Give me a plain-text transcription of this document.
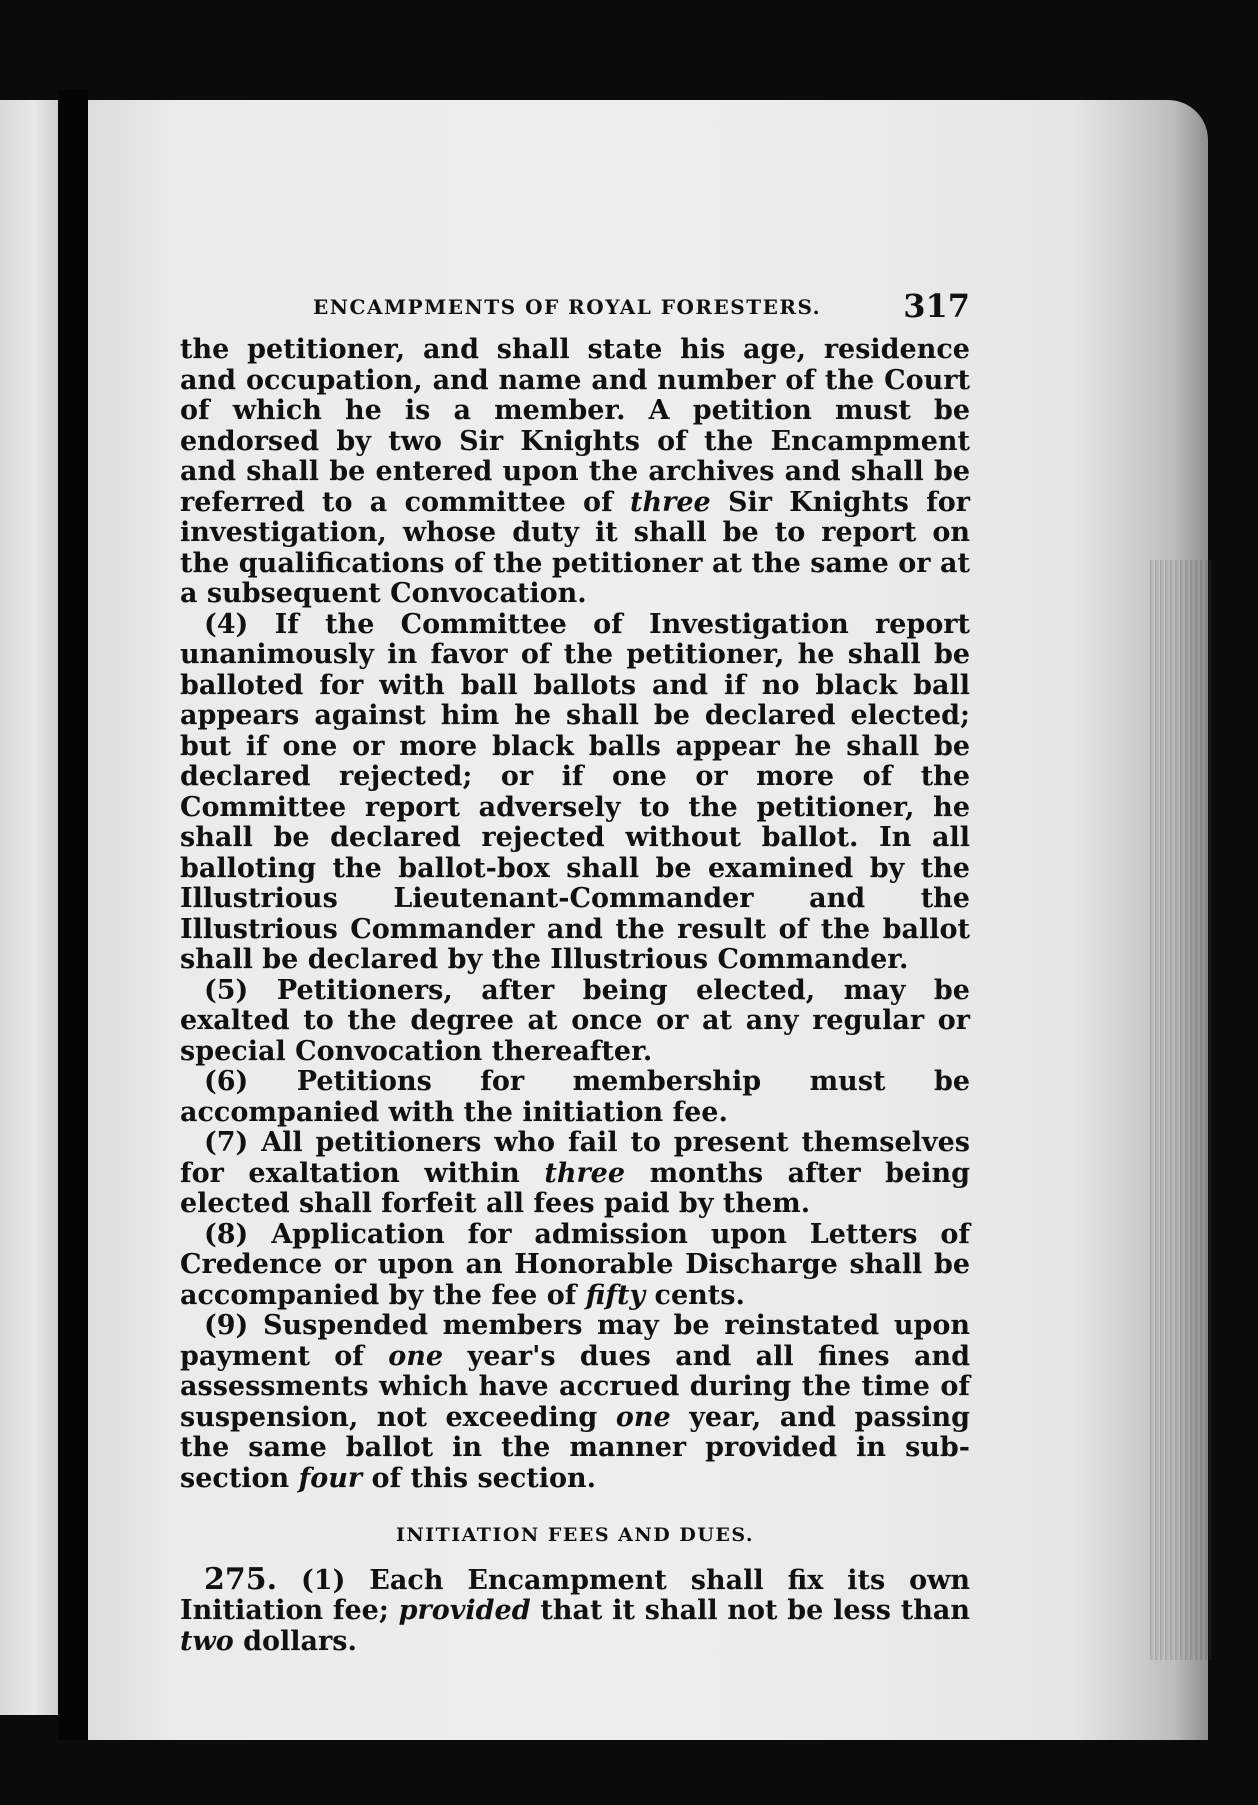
ENCAMPMENTS OF ROYAL FORESTERS.	317

the petitioner, and shall state his age, residence and occupation, and name and number of the Court of which he is a member. A petition must be endorsed by two Sir Knights of the Encampment and shall be entered upon the archives and shall be referred to a committee of three Sir Knights for investigation, whose duty it shall be to report on the qualifications of the petitioner at the same or at a subsequent Convocation.

(4) If the Committee of Investigation report unanimously in favor of the petitioner, he shall be balloted for with ball ballots and if no black ball appears against him he shall be declared elected; but if one or more black balls appear he shall be declared rejected; or if one or more of the Committee report adversely to the petitioner, he shall be declared rejected without ballot. In all balloting the ballot-box shall be examined by the Illustrious Lieutenant-Commander and the Illustrious Commander and the result of the ballot shall be declared by the Illustrious Commander.

(5) Petitioners, after being elected, may be exalted to the degree at once or at any regular or special Convocation thereafter.

(6) Petitions for membership must be accompanied with the initiation fee.

(7) All petitioners who fail to present themselves for exaltation within three months after being elected shall forfeit all fees paid by them.

(8) Application for admission upon Letters of Credence or upon an Honorable Discharge shall be accompanied by the fee of fifty cents.

(9) Suspended members may be reinstated upon payment of one year's dues and all fines and assessments which have accrued during the time of suspension, not exceeding one year, and passing the same ballot in the manner provided in sub-section four of this section.

INITIATION FEES AND DUES.

275. (1) Each Encampment shall fix its own Initiation fee; provided that it shall not be less than two dollars.
